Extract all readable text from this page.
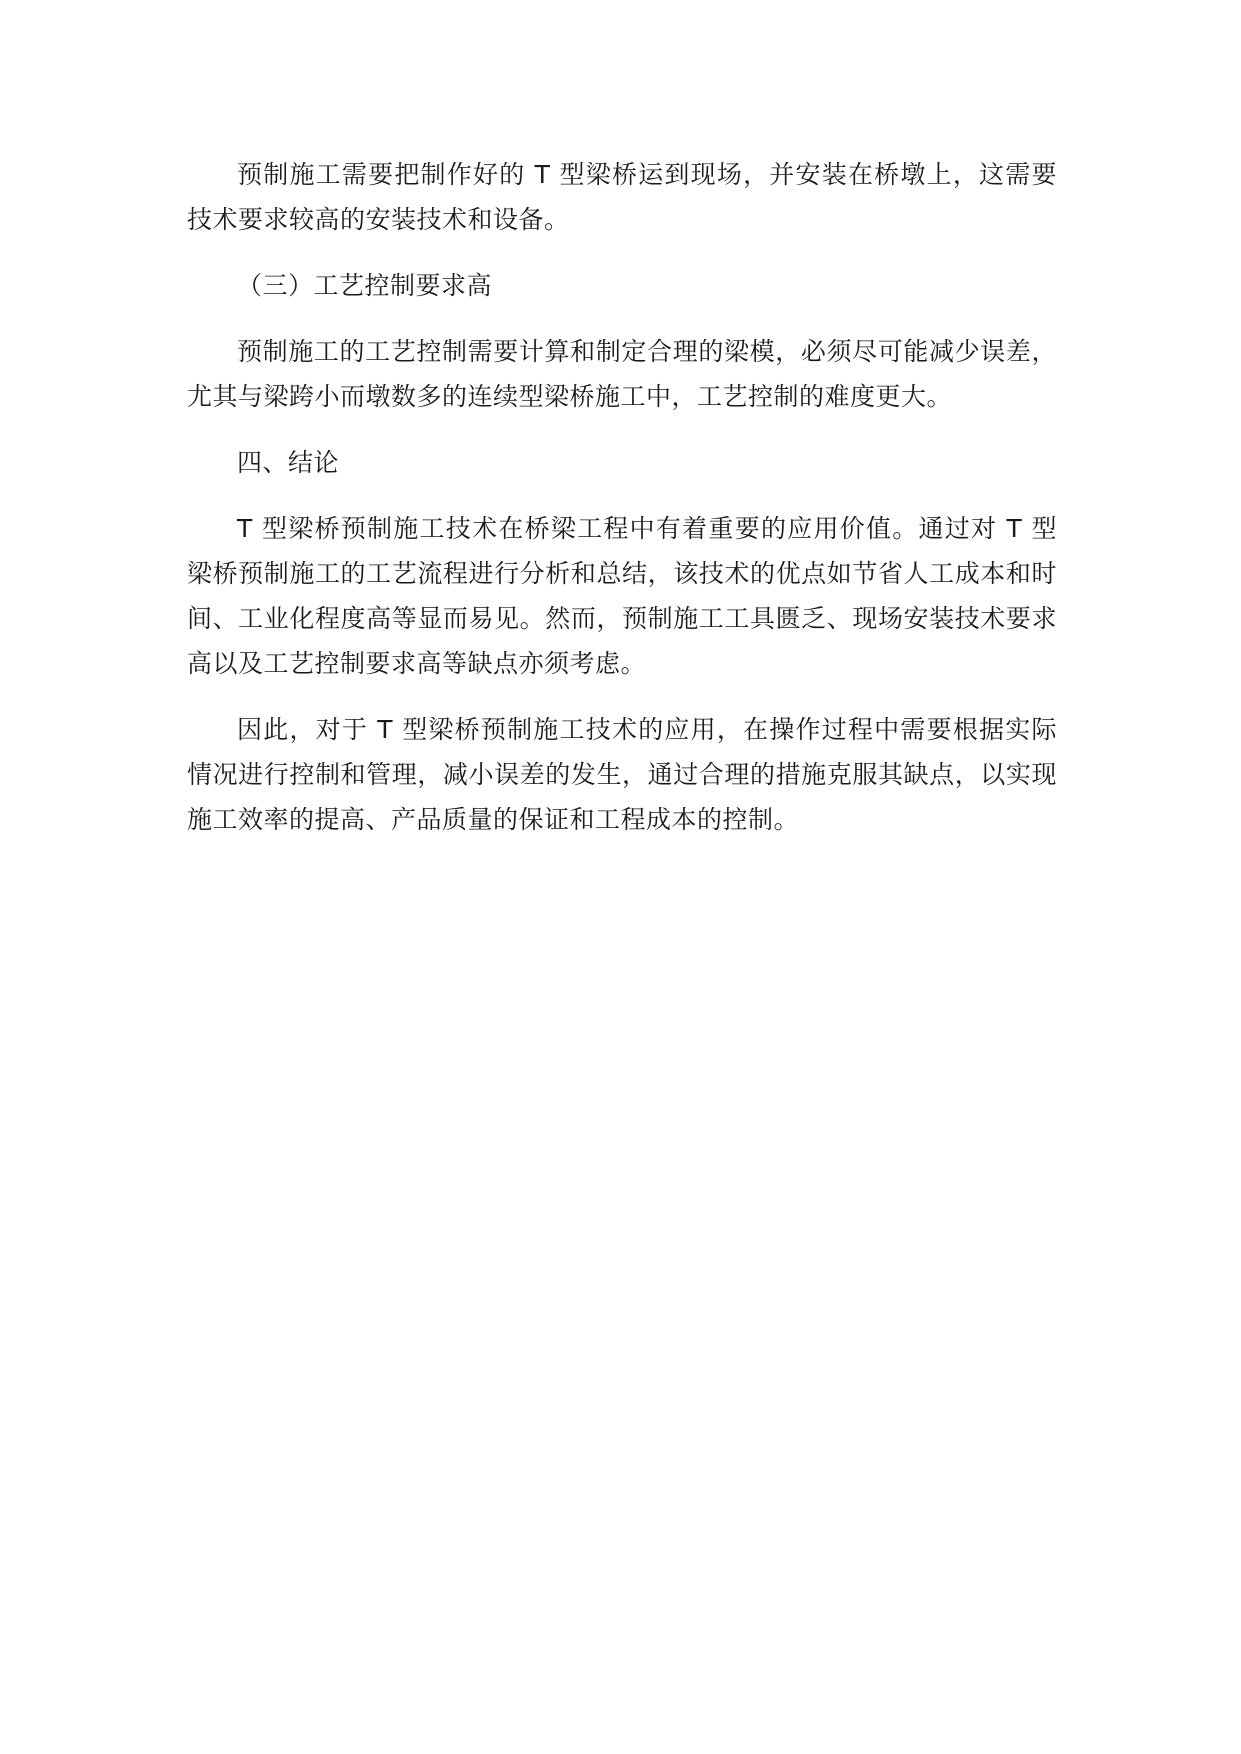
预制施工需要把制作好的 T 型梁桥运到现场，并安装在桥墩上，这需要技术要求较高的安装技术和设备。

（三）工艺控制要求高

预制施工的工艺控制需要计算和制定合理的梁模，必须尽可能减少误差，尤其与梁跨小而墩数多的连续型梁桥施工中，工艺控制的难度更大。

四、结论

T 型梁桥预制施工技术在桥梁工程中有着重要的应用价值。通过对 T 型梁桥预制施工的工艺流程进行分析和总结，该技术的优点如节省人工成本和时间、工业化程度高等显而易见。然而，预制施工工具匮乏、现场安装技术要求高以及工艺控制要求高等缺点亦须考虑。

因此，对于 T 型梁桥预制施工技术的应用，在操作过程中需要根据实际情况进行控制和管理，减小误差的发生，通过合理的措施克服其缺点，以实现施工效率的提高、产品质量的保证和工程成本的控制。
